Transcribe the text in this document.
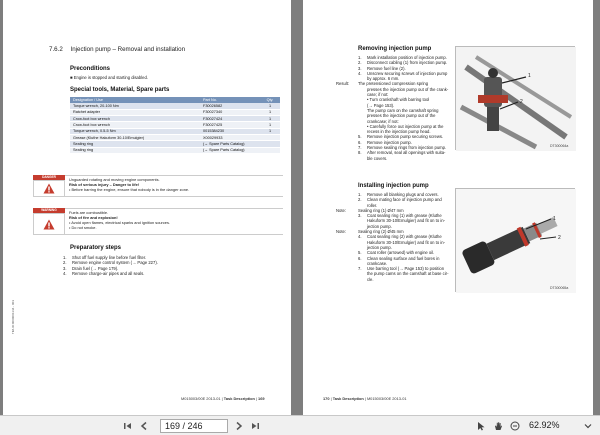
TIM-ID:0000001144 - 003
7.6.2 Injection pump – Removal and installation
Preconditions
■ Engine is stopped and starting disabled.
Special tools, Material, Spare parts
Designation / Use	Part No.	Qty.
Torque wrench, 20-100 Nm	F30026582	1
Ratchet adapter	F30027340	1
Crow-foot box wrench	F30027424	1
Crow-foot box wrench	F30027425	1
Torque wrench, 0.5-5 Nm	0015384230	1
Grease (Kluthe Hakuform 30-10/Emulgier)	X00029933	
Sealing ring	(→ Spare Parts Catalog)	
Sealing ring	(→ Spare Parts Catalog)	
DANGER	Unguarded rotating and moving engine components.
Risk of serious injury – Danger to life!
• Before barring the engine, ensure that nobody is in the danger zone.
WARNING	Fuels are combustible.
Risk of fire and explosion!
• Avoid open flames, electrical sparks and ignition sources.
• Do not smoke.
Preparatory steps
1.	Shut off fuel supply line before fuel filter.
2.	Remove engine control system (→ Page 227).
3.	Drain fuel (→ Page 179).
4.	Remove charge-air pipes and all seals.
M015003/00E 2013-01 | Task Description | 169
Removing injection pump
1.	Mark installation position of injection pump.
2.	Disconnect cabling (1) from injection pump.
3.	Remove fuel line (2).
4.	Unscrew securing screws of injection pump
by approx. 6 mm.
Result:	The pretensioned compression spring
presses the injection pump out of the crank-
case; if not:
• Turn crankshaft with barring tool
(→ Page 153).
The pump cam on the camshaft spring
presses the injection pump out of the
crankcase; if not:
• Carefully force out injection pump at the
recess in the injection pump head.
5.	Remove injection pump securing screws.
6.	Remove injection pump.
7.	Remove sealing rings from injection pump.
8.	After removal, seal all openings with suita-
ble covers.
1
2
DT300064a
Installing injection pump
1.	Remove all blanking plugs and covers.
2.	Clean mating face of injection pump and
roller.
Note:	Sealing ring (1) Ø47 mm
3.	Coat sealing ring (1) with grease (Kluthe
Hakuform 30-10/Emulgier) and fit on to in-
jection pump.
Note:	Sealing ring (2) Ø45 mm
4.	Coat sealing ring (2) with grease (Kluthe
Hakuform 30-10/Emulgier) and fit on to in-
jection pump.
5.	Coat roller (arrowed) with engine oil.
6.	Clean sealing surface and fuel bores in
crankcase.
7.	Use barring tool (→ Page 153) to position
the pump cams on the camshaft at base cir-
cle.
1
2
DT300065a
170 | Task Description | M015003/00E 2013-01
169 / 246	62.92%
